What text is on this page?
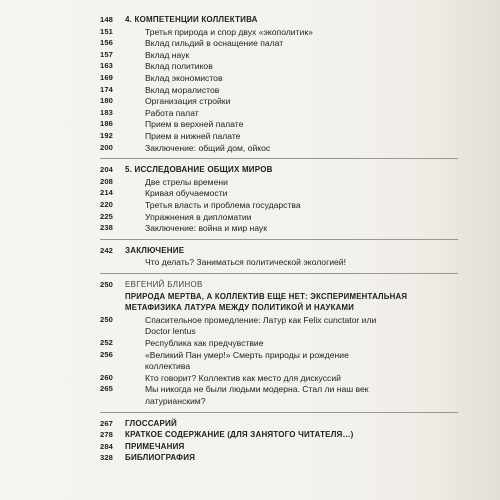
148	4. КОМПЕТЕНЦИИ КОЛЛЕКТИВА
151	Третья природа и спор двух «экополитик»
156	Вклад гильдий в оснащение палат
157	Вклад наук
163	Вклад политиков
169	Вклад экономистов
174	Вклад моралистов
180	Организация стройки
183	Работа палат
186	Прием в верхней палате
192	Прием в нижней палате
200	Заключение: общий дом, ойкос
204	5. ИССЛЕДОВАНИЕ ОБЩИХ МИРОВ
208	Две стрелы времени
214	Кривая обучаемости
220	Третья власть и проблема государства
225	Упражнения в дипломатии
238	Заключение: война и мир наук
242	ЗАКЛЮЧЕНИЕ
Что делать? Заниматься политической экологией!
250	ЕВГЕНИЙ БЛИНОВ
ПРИРОДА МЕРТВА, А КОЛЛЕКТИВ ЕЩЕ НЕТ: ЭКСПЕРИМЕНТАЛЬНАЯ
МЕТАФИЗИКА ЛАТУРА МЕЖДУ ПОЛИТИКОЙ И НАУКАМИ
250	Спасительное промедление: Латур как Felix cunctator или
Doctor lentus
252	Республика как предчувствие
256	«Великий Пан умер!» Смерть природы и рождение
коллектива
260	Кто говорит? Коллектив как место для дискуссий
265	Мы никогда не были людьми модерна. Стал ли наш век
латурианским?
267	ГЛОССАРИЙ
278	КРАТКОЕ СОДЕРЖАНИЕ (ДЛЯ ЗАНЯТОГО ЧИТАТЕЛЯ…)
284	ПРИМЕЧАНИЯ
328	БИБЛИОГРАФИЯ
